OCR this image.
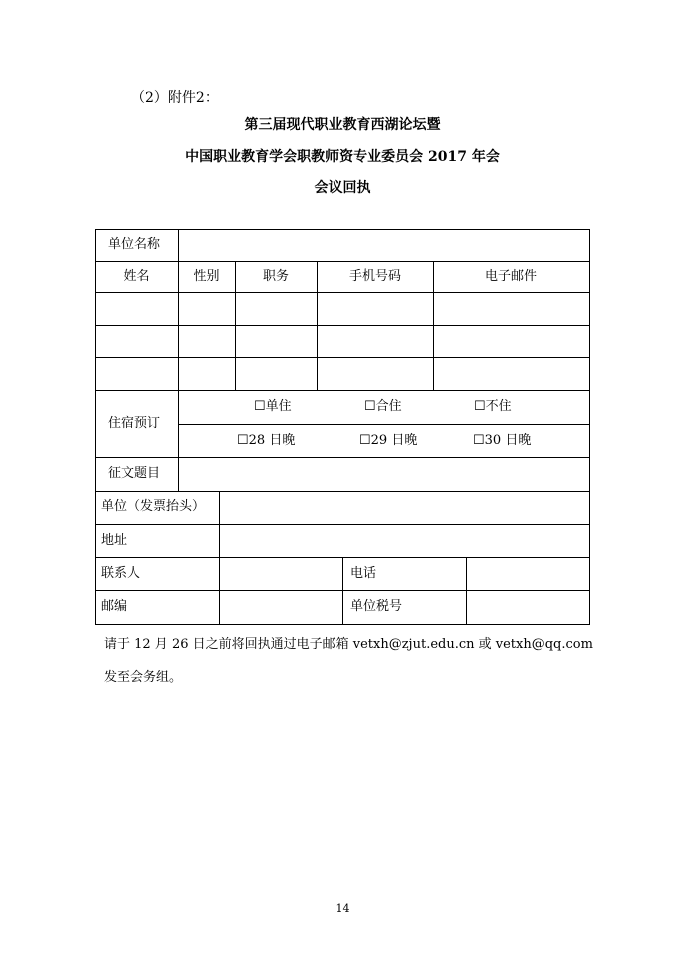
（2）附件2：
第三届现代职业教育西湖论坛暨
中国职业教育学会职教师资专业委员会 2017 年会
会议回执
单位名称
姓名	性别	职务	手机号码	电子邮件
住宿预订
☐单住	☐合住	☐不住
☐28 日晚	☐29 日晚	☐30 日晚
征文题目
单位（发票抬头）
地址
联系人	电话
邮编	单位税号
请于 12 月 26 日之前将回执通过电子邮箱 vetxh@zjut.edu.cn 或 vetxh@qq.com
发至会务组。
14
